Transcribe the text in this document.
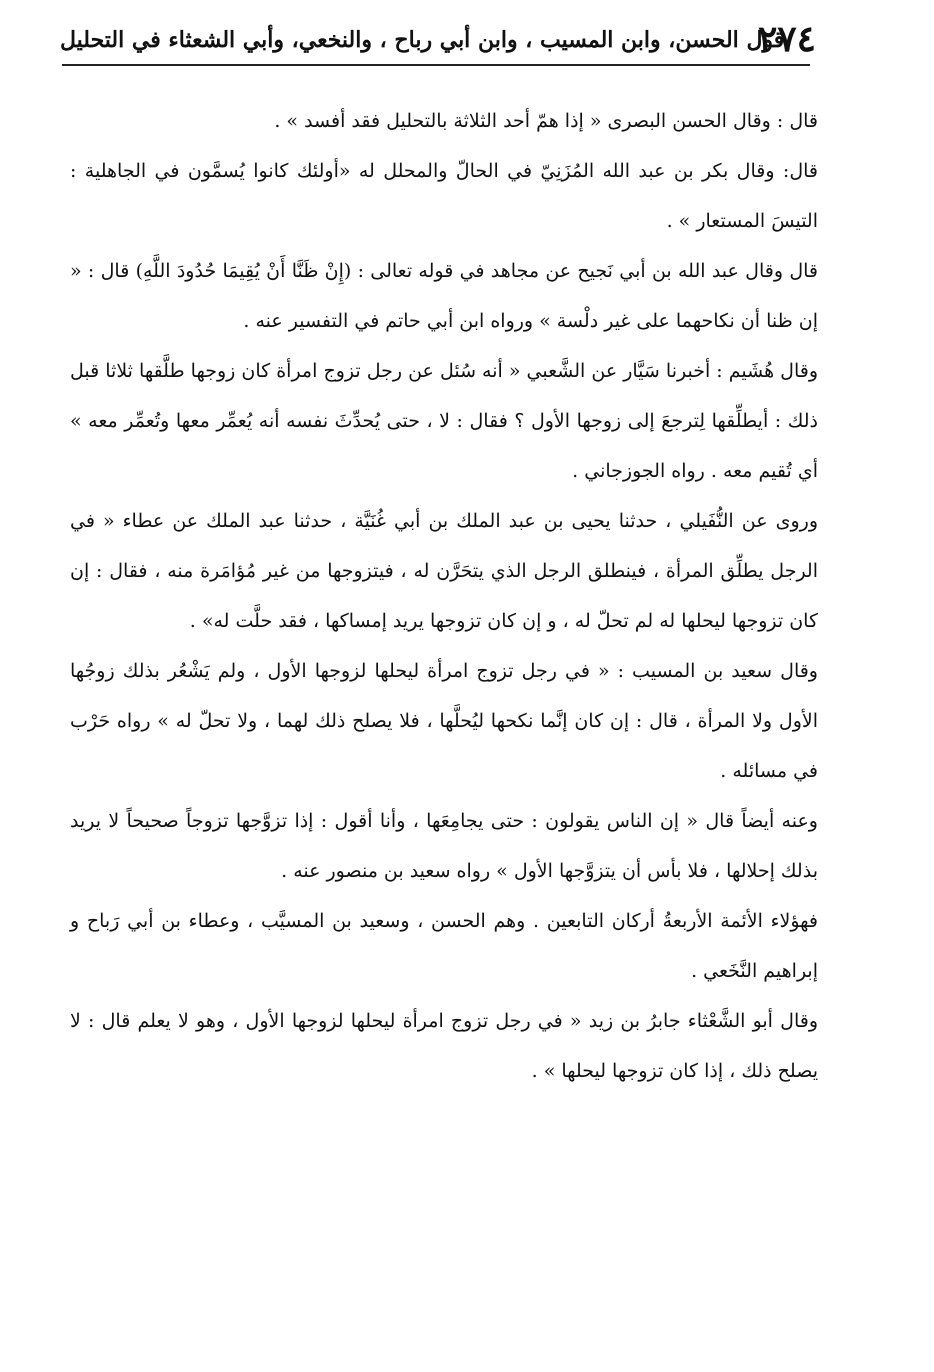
٢٧٤
قول الحسن، وابن المسيب ، وابن أبي رباح ، والنخعي، وأبي الشعثاء في التحليل

قال : وقال الحسن البصرى « إذا همّ أحد الثلاثة بالتحليل فقد أفسد » .

قال: وقال بكر بن عبد الله المُزَنِيّ في الحالّ والمحلل له «أولئك كانوا يُسمَّون في الجاهلية : التيسَ المستعار » .

قال وقال عبد الله بن أبي نَجيح عن مجاهد في قوله تعالى : (إِنْ ظَنَّا أَنْ يُقِيمَا حُدُودَ اللَّهِ) قال : « إن ظنا أن نكاحهما على غير دلْسة » ورواه ابن أبي حاتم في التفسير عنه .

وقال هُشَيم : أخبرنا سَيَّار عن الشَّعبي « أنه سُئل عن رجل تزوج امرأة كان زوجها طلَّقها ثلاثا قبل ذلك : أيطلِّقها لِترجعَ إلى زوجها الأول ؟ فقال : لا ، حتى يُحدِّثَ نفسه أنه يُعمِّر معها وتُعمِّر معه » أي تُقيم معه . رواه الجوزجاني .

وروى عن النُّفَيلي ، حدثنا يحيى بن عبد الملك بن أبي غُنَيَّة ، حدثنا عبد الملك عن عطاء « في الرجل يطلِّق المرأة ، فينطلق الرجل الذي يتحَرَّن له ، فيتزوجها من غير مُؤامَرة منه ، فقال : إن كان تزوجها ليحلها له لم تحلّ له ، و إن كان تزوجها يريد إمساكها ، فقد حلَّت له» .

وقال سعيد بن المسيب : « في رجل تزوج امرأة ليحلها لزوجها الأول ، ولم يَشْعُر بذلك زوجُها الأول ولا المرأة ، قال : إن كان إنَّما نكحها ليُحلَّها ، فلا يصلح ذلك لهما ، ولا تحلّ له » رواه حَرْب في مسائله .

وعنه أيضاً قال « إن الناس يقولون : حتى يجامِعَها ، وأنا أقول : إذا تزوَّجها تزوجاً صحيحاً لا يريد بذلك إحلالها ، فلا بأس أن يتزوَّجها الأول » رواه سعيد بن منصور عنه .

فهؤلاء الأئمة الأربعةُ أركان التابعين . وهم الحسن ، وسعيد بن المسيَّب ، وعطاء بن أبي رَباح و إبراهيم النَّخَعي .

وقال أبو الشَّعْثاء جابرُ بن زيد « في رجل تزوج امرأة ليحلها لزوجها الأول ، وهو لا يعلم قال : لا يصلح ذلك ، إذا كان تزوجها ليحلها » .
